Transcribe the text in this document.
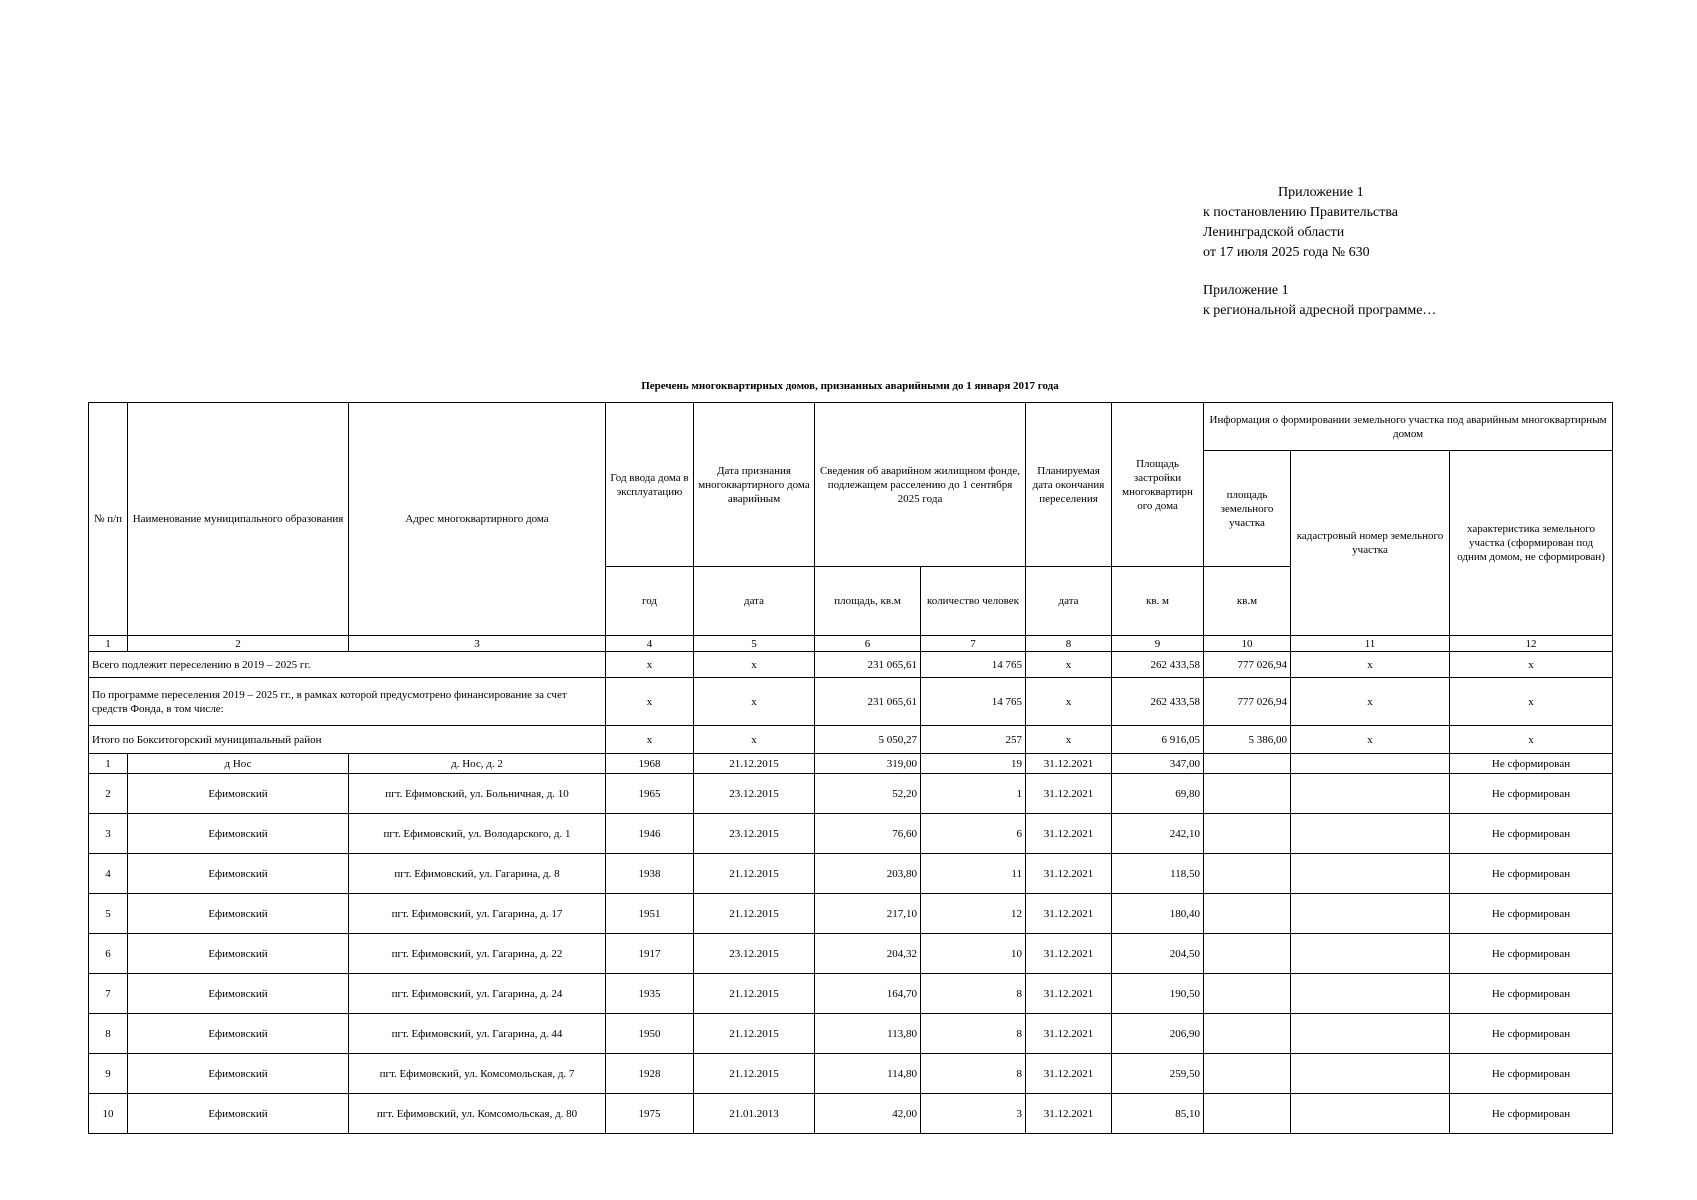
Приложение 1
к постановлению Правительства
Ленинградской области
от 17 июля 2025 года № 630
Приложение 1
к региональной адресной программе…
Перечень многоквартирных домов, признанных аварийными до 1 января 2017 года
№ п/п	Наименование муниципального образования	Адрес многоквартирного дома	Год ввода дома в эксплуатацию	Дата признания многоквартирного дома аварийным	Сведения об аварийном жилищном фонде, подлежащем расселению до 1 сентября 2025 года		Планируемая дата окончания переселения	Площадь застройки многоквартирн ого дома	Информация о формировании земельного участка под аварийным многоквартирным домом		
									площадь земельного участка	кадастровый номер земельного участка	характеристика земельного участка (сформирован под одним домом, не сформирован)
			год	дата	площадь, кв.м	количество человек	дата	кв. м	кв.м		
1	2	3	4	5	6	7	8	9	10	11	12
Всего подлежит переселению в 2019 – 2025 гг.			х	х	231 065,61	14 765	х	262 433,58	777 026,94	х	х
По программе переселения 2019 – 2025 гг., в рамках которой предусмотрено финансирование за счет средств Фонда, в том числе:			х	х	231 065,61	14 765	х	262 433,58	777 026,94	х	х
Итого по Бокситогорский муниципальный район			х	х	5 050,27	257	х	6 916,05	5 386,00	х	х
1	д Нос	д. Нос, д. 2	1968	21.12.2015	319,00	19	31.12.2021	347,00			Не сформирован
2	Ефимовский	пгт. Ефимовский, ул. Больничная, д. 10	1965	23.12.2015	52,20	1	31.12.2021	69,80			Не сформирован
3	Ефимовский	пгт. Ефимовский, ул. Володарского, д. 1	1946	23.12.2015	76,60	6	31.12.2021	242,10			Не сформирован
4	Ефимовский	пгт. Ефимовский, ул. Гагарина, д. 8	1938	21.12.2015	203,80	11	31.12.2021	118,50			Не сформирован
5	Ефимовский	пгт. Ефимовский, ул. Гагарина, д. 17	1951	21.12.2015	217,10	12	31.12.2021	180,40			Не сформирован
6	Ефимовский	пгт. Ефимовский, ул. Гагарина, д. 22	1917	23.12.2015	204,32	10	31.12.2021	204,50			Не сформирован
7	Ефимовский	пгт. Ефимовский, ул. Гагарина, д. 24	1935	21.12.2015	164,70	8	31.12.2021	190,50			Не сформирован
8	Ефимовский	пгт. Ефимовский, ул. Гагарина, д. 44	1950	21.12.2015	113,80	8	31.12.2021	206,90			Не сформирован
9	Ефимовский	пгт. Ефимовский, ул. Комсомольская, д. 7	1928	21.12.2015	114,80	8	31.12.2021	259,50			Не сформирован
10	Ефимовский	пгт. Ефимовский, ул. Комсомольская, д. 80	1975	21.01.2013	42,00	3	31.12.2021	85,10			Не сформирован
